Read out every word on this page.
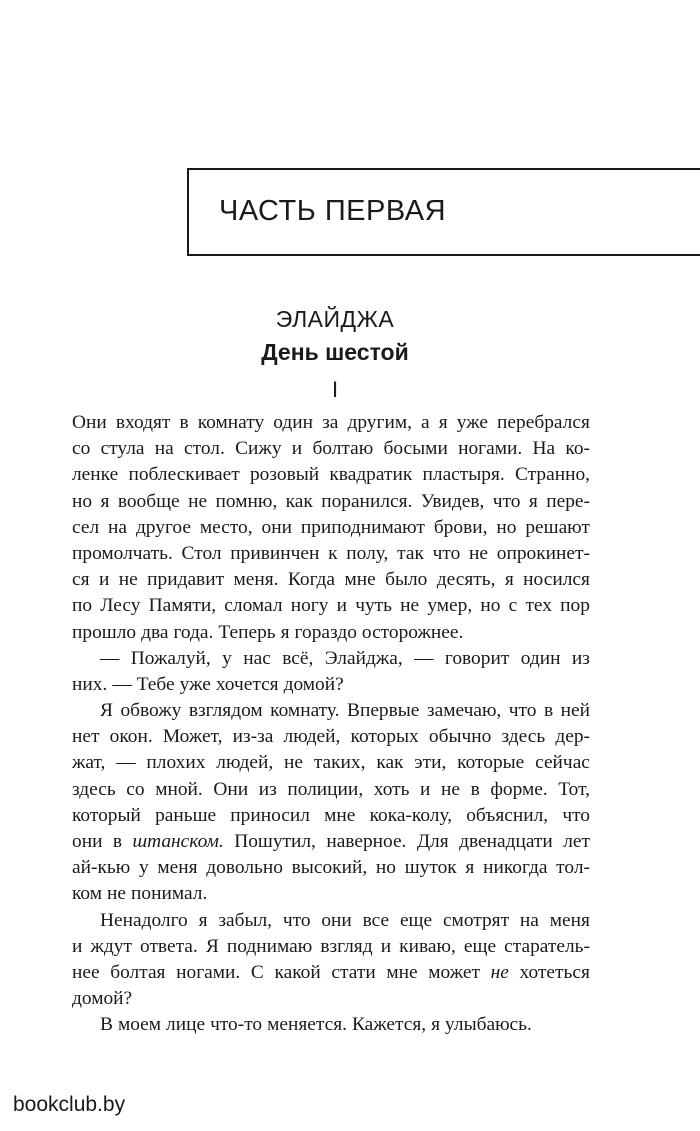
ЧАСТЬ ПЕРВАЯ
ЭЛАЙДЖА
День шестой
I
Они входят в комнату один за другим, а я уже перебрался
со стула на стол. Сижу и болтаю босыми ногами. На ко-
ленке поблескивает розовый квадратик пластыря. Странно,
но я вообще не помню, как поранился. Увидев, что я пере-
сел на другое место, они приподнимают брови, но решают
промолчать. Стол привинчен к полу, так что не опрокинет-
ся и не придавит меня. Когда мне было десять, я носился
по Лесу Памяти, сломал ногу и чуть не умер, но с тех пор
прошло два года. Теперь я гораздо осторожнее.
— Пожалуй, у нас всё, Элайджа, — говорит один из
них. — Тебе уже хочется домой?
Я обвожу взглядом комнату. Впервые замечаю, что в ней
нет окон. Может, из-за людей, которых обычно здесь дер-
жат, — плохих людей, не таких, как эти, которые сейчас
здесь со мной. Они из полиции, хоть и не в форме. Тот,
который раньше приносил мне кока-колу, объяснил, что
они в штанском. Пошутил, наверное. Для двенадцати лет
ай-кью у меня довольно высокий, но шуток я никогда тол-
ком не понимал.
Ненадолго я забыл, что они все еще смотрят на меня
и ждут ответа. Я поднимаю взгляд и киваю, еще старатель-
нее болтая ногами. С какой стати мне может не хотеться
домой?
В моем лице что-то меняется. Кажется, я улыбаюсь.
bookclub.by
